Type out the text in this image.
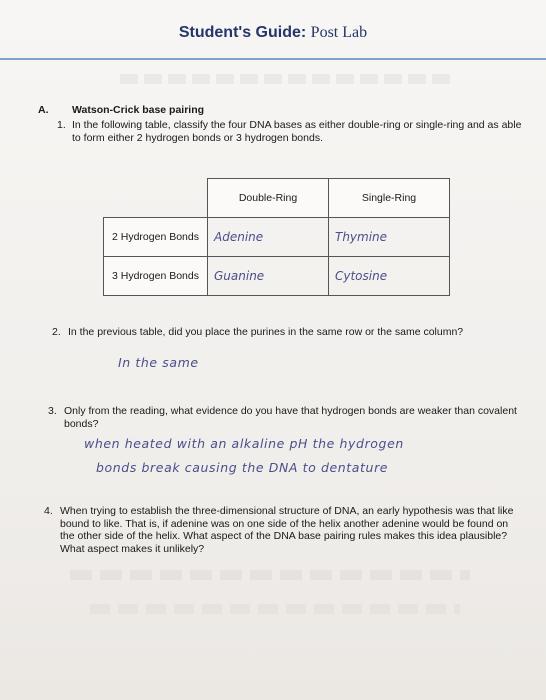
Student's Guide: Post Lab
A. Watson-Crick base pairing
1. In the following table, classify the four DNA bases as either double-ring or single-ring and as able
to form either 2 hydrogen bonds or 3 hydrogen bonds.
	Double-Ring	Single-Ring
2 Hydrogen Bonds	Adenine	Thymine
3 Hydrogen Bonds	Guanine	Cytosine
2. In the previous table, did you place the purines in the same row or the same column?
In the same
3. Only from the reading, what evidence do you have that hydrogen bonds are weaker than covalent
bonds?
when heated with an alkaline pH the hydrogen
bonds break causing the DNA to dentature
4. When trying to establish the three-dimensional structure of DNA, an early hypothesis was that like
bound to like. That is, if adenine was on one side of the helix another adenine would be found on
the other side of the helix. What aspect of the DNA base pairing rules makes this idea plausible?
What aspect makes it unlikely?
